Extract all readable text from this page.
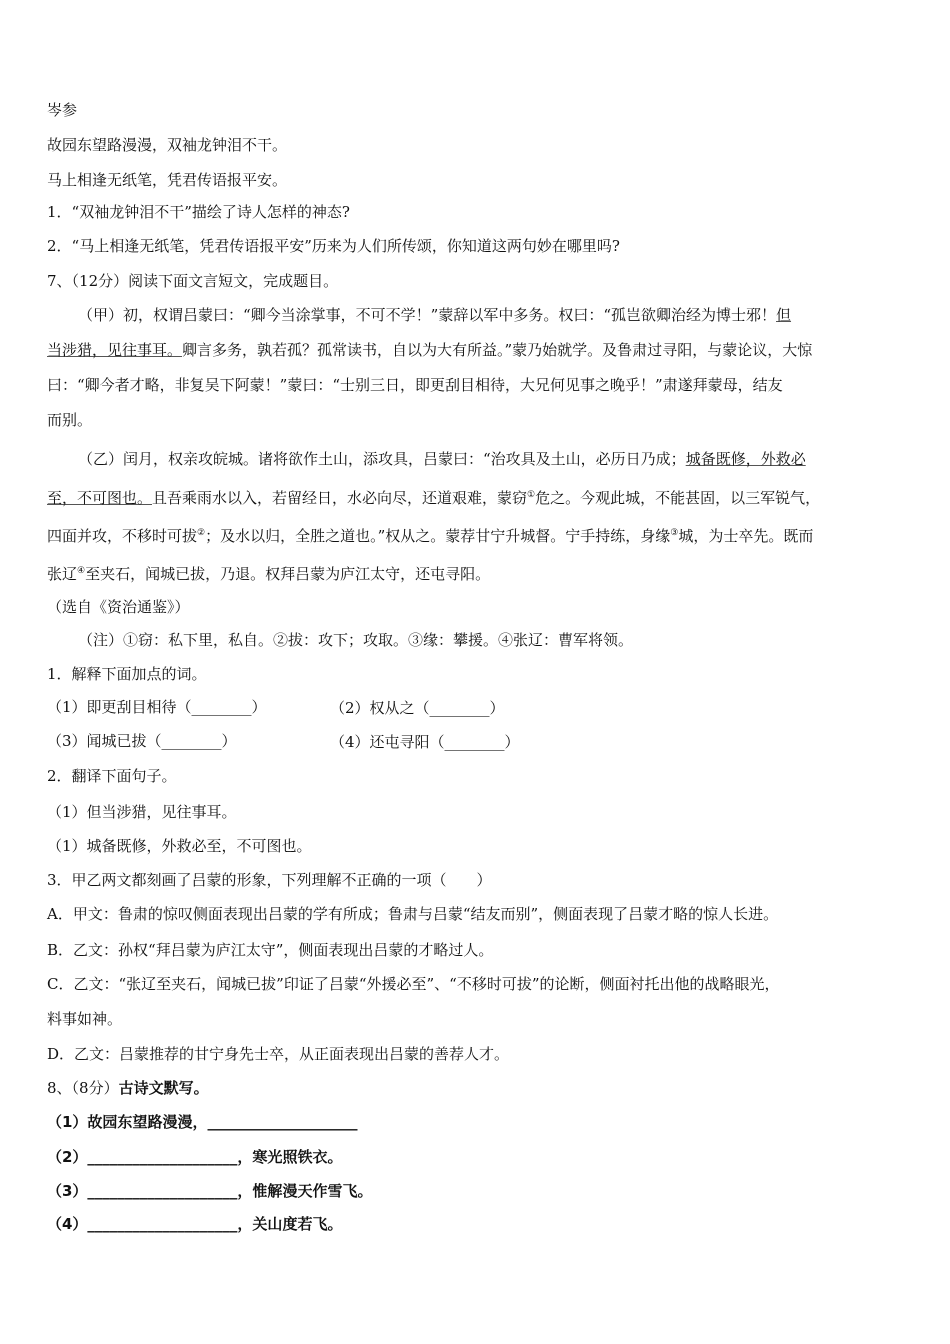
岑参
故园东望路漫漫，双袖龙钟泪不干。
马上相逢无纸笔，凭君传语报平安。
1．“双袖龙钟泪不干”描绘了诗人怎样的神态?
2．“马上相逢无纸笔，凭君传语报平安”历来为人们所传颂，你知道这两句妙在哪里吗?
7、（12分）阅读下面文言短文，完成题目。
（甲）初，权谓吕蒙曰：“卿今当涂掌事，不可不学！”蒙辞以军中多务。权曰：“孤岂欲卿治经为博士邪！但
当涉猎，见往事耳。卿言多务，孰若孤？孤常读书，自以为大有所益。”蒙乃始就学。及鲁肃过寻阳，与蒙论议，大惊
曰：“卿今者才略，非复吴下阿蒙！”蒙曰：“士别三日，即更刮目相待，大兄何见事之晚乎！”肃遂拜蒙母，结友
而别。
（乙）闰月，权亲攻皖城。诸将欲作土山，添攻具，吕蒙曰：“治攻具及土山，必历日乃成；城备既修，外救必
至，不可图也。且吾乘雨水以入，若留经日，水必向尽，还道艰难，蒙窃①危之。今观此城，不能甚固，以三军锐气，
四面并攻，不移时可拔②；及水以归，全胜之道也。”权从之。蒙荐甘宁升城督。宁手持练，身缘③城，为士卒先。既而
张辽④至夹石，闻城已拔，乃退。权拜吕蒙为庐江太守，还屯寻阳。
（选自《资治通鉴》）
（注）①窃：私下里，私自。②拔：攻下；攻取。③缘：攀援。④张辽：曹军将领。
1．解释下面加点的词。
（1）即更刮目相待（________）	（2）权从之（________）
（3）闻城已拔（________）	（4）还屯寻阳（________）
2．翻译下面句子。
（1）但当涉猎，见往事耳。
（1）城备既修，外救必至，不可图也。
3．甲乙两文都刻画了吕蒙的形象，下列理解不正确的一项（　　）
A．甲文：鲁肃的惊叹侧面表现出吕蒙的学有所成；鲁肃与吕蒙“结友而别”，侧面表现了吕蒙才略的惊人长进。
B．乙文：孙权“拜吕蒙为庐江太守”，侧面表现出吕蒙的才略过人。
C．乙文：“张辽至夹石，闻城已拔”印证了吕蒙“外援必至”、“不移时可拔”的论断，侧面衬托出他的战略眼光，
料事如神。
D．乙文：吕蒙推荐的甘宁身先士卒，从正面表现出吕蒙的善荐人才。
8、（8分）古诗文默写。
（1）故园东望路漫漫，____________________
（2）____________________，寒光照铁衣。
（3）____________________，惟解漫天作雪飞。
（4）____________________，关山度若飞。
